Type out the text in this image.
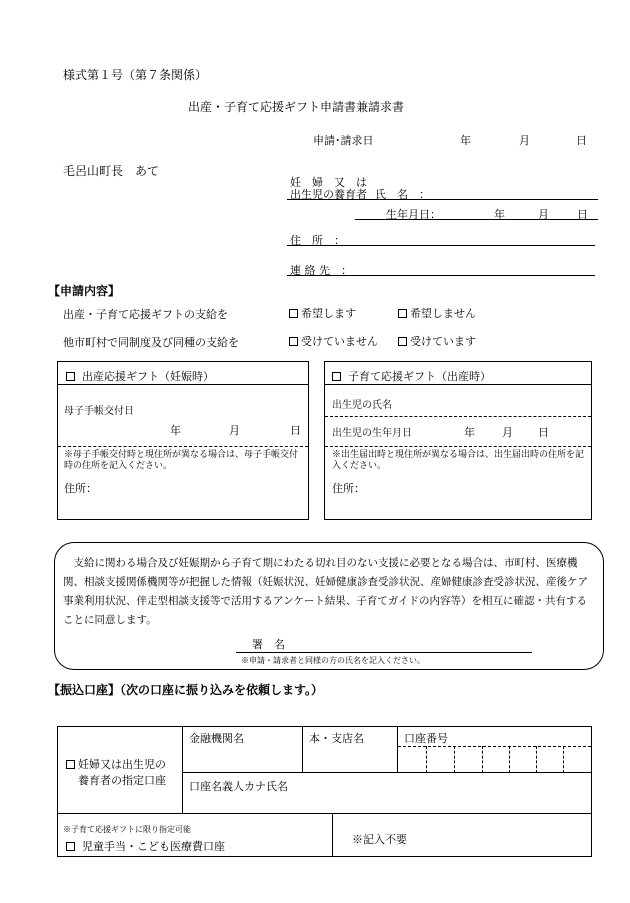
様式第１号（第７条関係）
出産・子育て応援ギフト申請書兼請求書
申請･請求日	年	月	日
毛呂山町長　あて
妊　婦　又　は
出生児の養育者 氏　名　：
生年月日：	年	月	日
住　所　：
連 絡 先　：
【申請内容】
出産・子育て応援ギフトの支給を	希望します	希望しません
他市町村で同制度及び同種の支給を	受けていません	受けています
出産応援ギフト（妊娠時）
母子手帳交付日
年	月	日
※母子手帳交付時と現住所が異なる場合は、母子手帳交付時の住所を記入ください。
住所：
子育て応援ギフト（出産時）
出生児の氏名
出生児の生年月日	年 月 日
※出生届出時と現住所が異なる場合は、出生届出時の住所を記入ください。
住所：
支給に関わる場合及び妊娠期から子育て期にわたる切れ目のない支援に必要となる場合は、市町村、医療機関、相談支援関係機関等が把握した情報（妊娠状況、妊婦健康診査受診状況、産婦健康診査受診状況、産後ケア事業利用状況、伴走型相談支援等で活用するアンケート結果、子育てガイドの内容等）を相互に確認・共有することに同意します。
署　名
※申請・請求者と同様の方の氏名を記入ください。
【振込口座】（次の口座に振り込みを依頼します。）
妊婦又は出生児の
養育者の指定口座
金融機関名	本・支店名	口座番号
口座名義人カナ氏名
※子育て応援ギフトに限り指定可能
児童手当・こども医療費口座
※記入不要
